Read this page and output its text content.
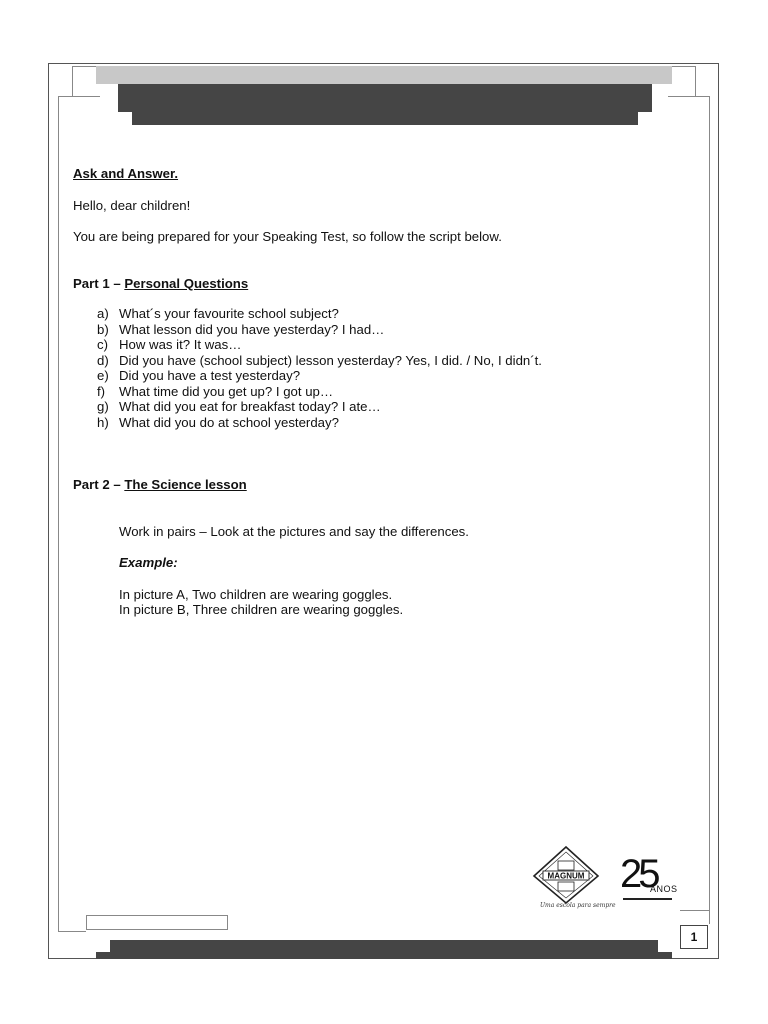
Ask and Answer.

Hello, dear children!

You are being prepared for your Speaking Test, so follow the script below.

Part 1 – Personal Questions

a) What´s your favourite school subject?
b) What lesson did you have yesterday? I had…
c) How was it? It was…
d) Did you have (school subject) lesson yesterday? Yes, I did. / No, I didn´t.
e) Did you have a test yesterday?
f)	What time did you get up? I got up…
g) What did you eat for breakfast today? I ate…
h) What did you do at school yesterday?

Part 2 – The Science lesson

Work in pairs – Look at the pictures and say the differences.

Example:

In picture A, Two children are wearing goggles.

In picture B, Three children are wearing goggles.

MAGNUM
Uma escola para sempre
25
ANOS
1
